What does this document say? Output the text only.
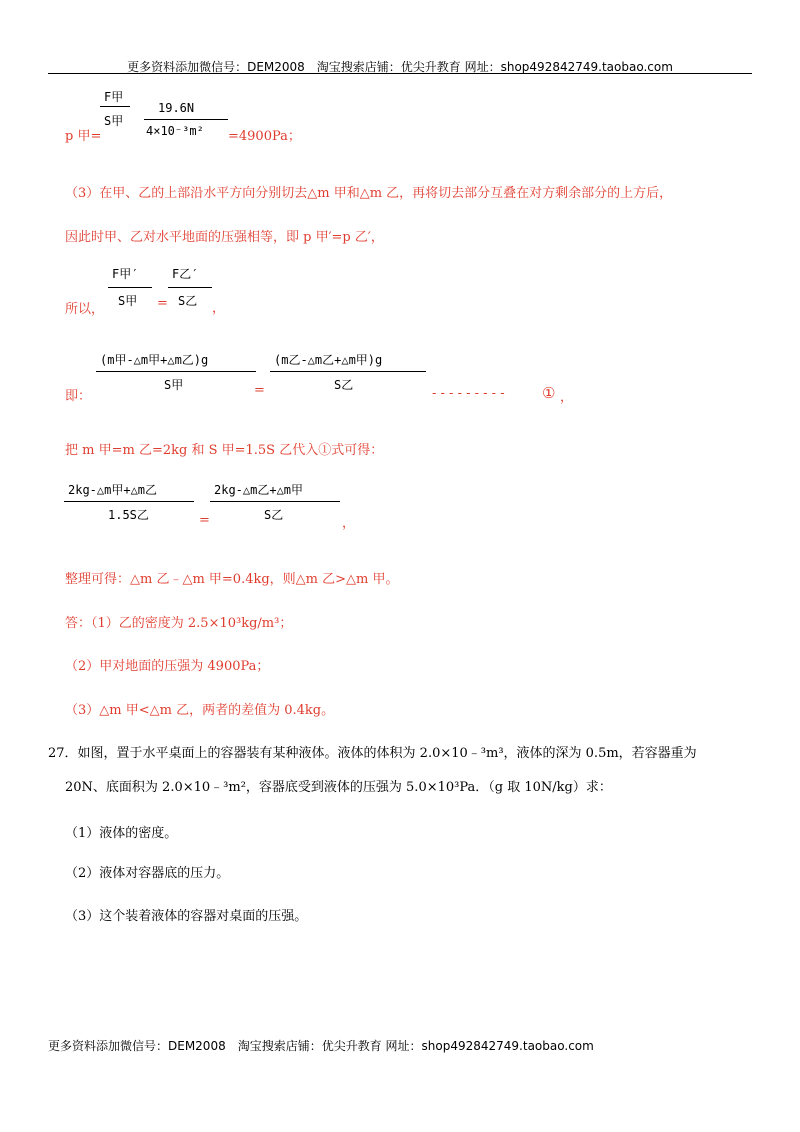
更多资料添加微信号：DEM2008　淘宝搜索店铺：优尖升教育 网址：shop492842749.taobao.com
F甲
S甲
19.6N
4×10⁻³m²
p 甲=	=4900Pa；
（3）在甲、乙的上部沿水平方向分别切去△m 甲和△m 乙，再将切去部分互叠在对方剩余部分的上方后，
因此时甲、乙对水平地面的压强相等，即 p 甲′=p 乙′，
F甲′
S甲 =
F乙′
S乙
所以，	，
(m甲-△m甲+△m乙)g
S甲	=
(m乙-△m乙+△m甲)g
S乙
即：	- - - - - - - - - ① ，
把 m 甲=m 乙=2kg 和 S 甲=1.5S 乙代入①式可得：
2kg-△m甲+△m乙
1.5S乙	=
2kg-△m乙+△m甲
S乙
，
整理可得：△m 乙﹣△m 甲=0.4kg，则△m 乙>△m 甲。
答：（1）乙的密度为 2.5×10³kg/m³；
（2）甲对地面的压强为 4900Pa；
（3）△m 甲<△m 乙，两者的差值为 0.4kg。
27．如图，置于水平桌面上的容器装有某种液体。液体的体积为 2.0×10﹣³m³，液体的深为 0.5m，若容器重为
20N、底面积为 2.0×10﹣³m²，容器底受到液体的压强为 5.0×10³Pa．（g 取 10N/kg）求：
（1）液体的密度。
（2）液体对容器底的压力。
（3）这个装着液体的容器对桌面的压强。
更多资料添加微信号：DEM2008　淘宝搜索店铺：优尖升教育 网址：shop492842749.taobao.com
